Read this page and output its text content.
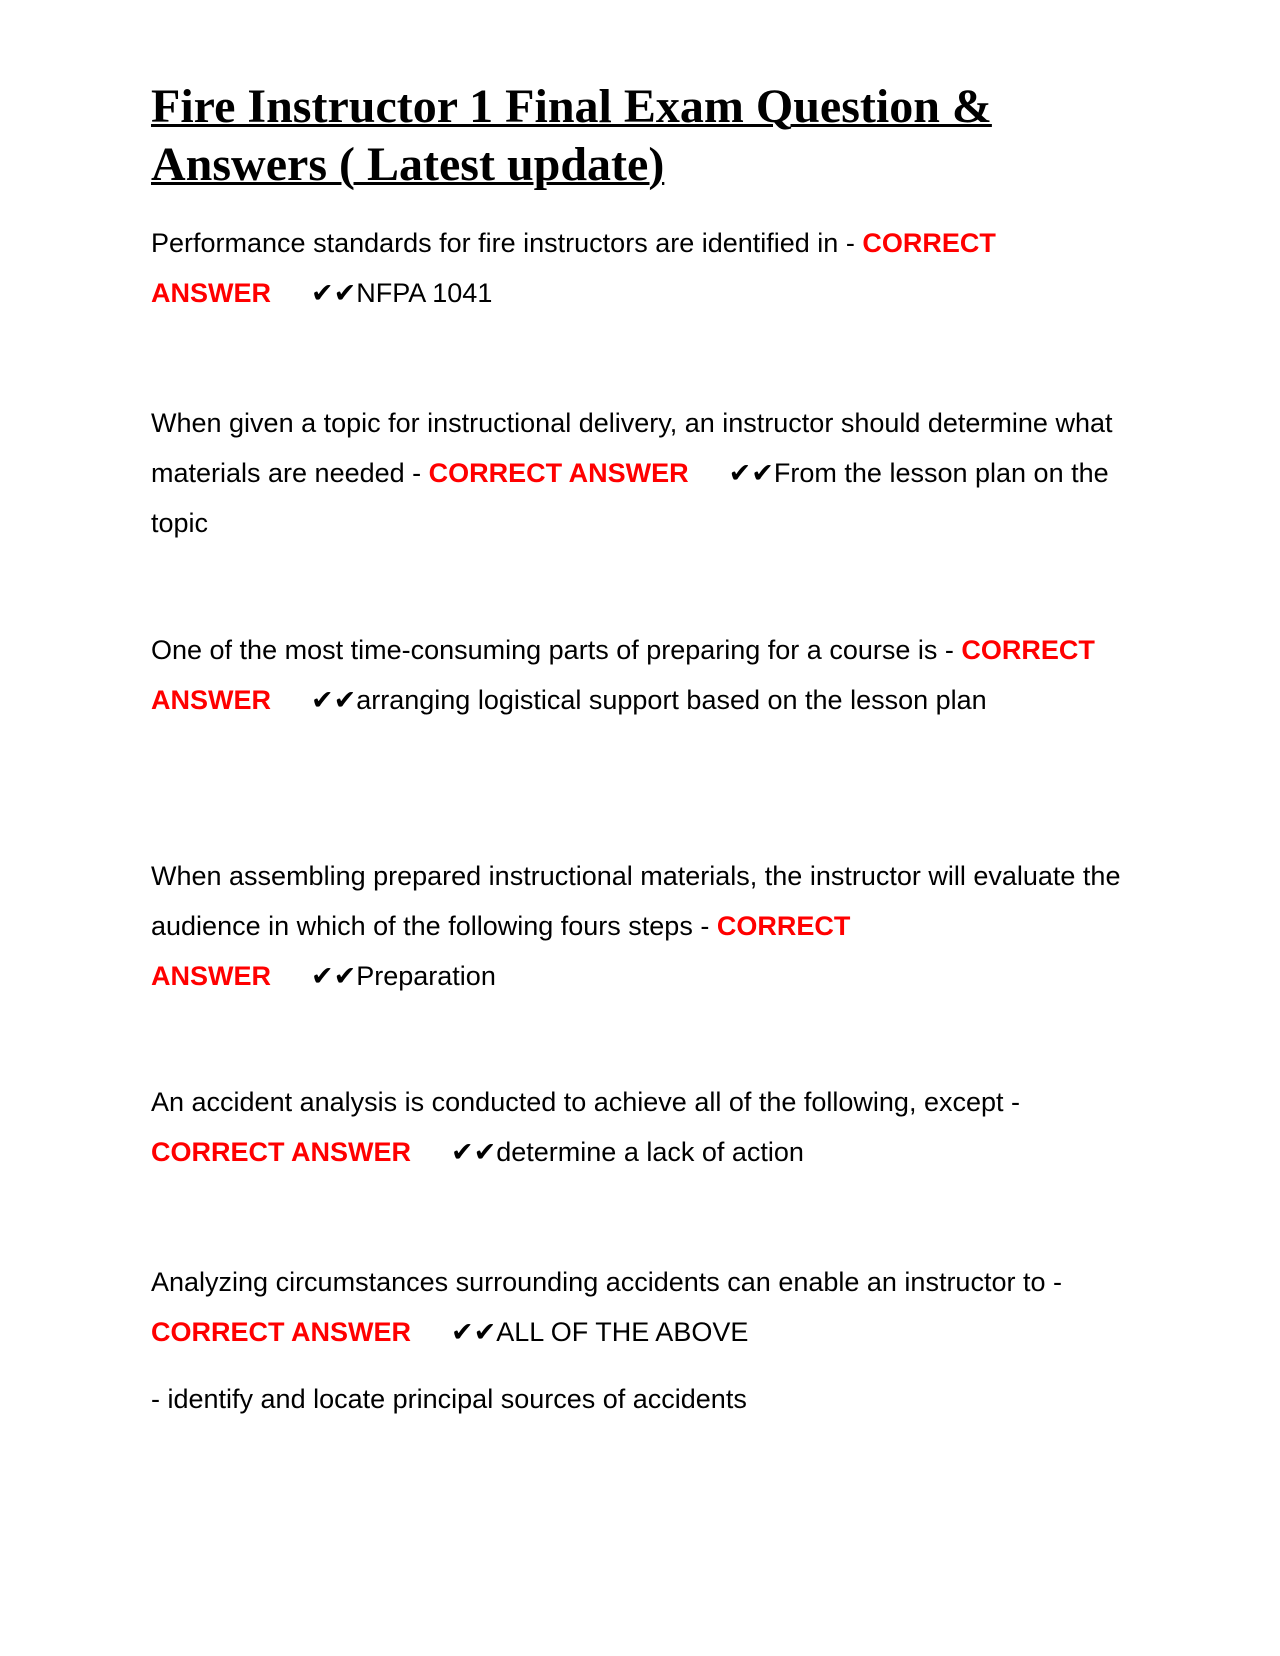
Fire Instructor 1 Final Exam Question & Answers ( Latest update)

Performance standards for fire instructors are identified in - CORRECT ANSWER ✔✔NFPA 1041

When given a topic for instructional delivery, an instructor should determine what materials are needed - CORRECT ANSWER ✔✔From the lesson plan on the topic

One of the most time-consuming parts of preparing for a course is - CORRECT ANSWER ✔✔arranging logistical support based on the lesson plan

When assembling prepared instructional materials, the instructor will evaluate the audience in which of the following fours steps - CORRECT ANSWER ✔✔Preparation

An accident analysis is conducted to achieve all of the following, except - CORRECT ANSWER ✔✔determine a lack of action

Analyzing circumstances surrounding accidents can enable an instructor to - CORRECT ANSWER ✔✔ALL OF THE ABOVE

- identify and locate principal sources of accidents
